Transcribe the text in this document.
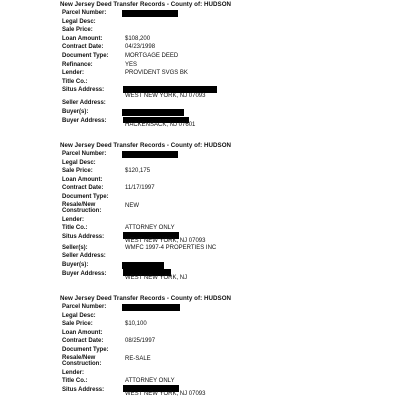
New Jersey Deed Transfer Records - County of: HUDSON
Parcel Number:
Legal Desc:
Sale Price:
Loan Amount:	$108,200
Contract Date:	04/23/1998
Document Type:	MORTGAGE DEED
Refinance:	YES
Lender:	PROVIDENT SVGS BK
Title Co.:
Situs Address:
WEST NEW YORK, NJ 07093
Seller Address:
Buyer(s):
Buyer Address:
HACKENSACK, NJ 07601
New Jersey Deed Transfer Records - County of: HUDSON
Parcel Number:
Legal Desc:
Sale Price:	$120,175
Loan Amount:
Contract Date:	11/17/1997
Document Type:
Resale/New
Construction:
NEW
Lender:
Title Co.:	ATTORNEY ONLY
Situs Address:
WEST NEW YORK, NJ 07093
Seller(s):	WMFC 1997-4 PROPERTIES INC
Seller Address:
Buyer(s):
Buyer Address:
WEST NEW YORK, NJ
New Jersey Deed Transfer Records - County of: HUDSON
Parcel Number:
Legal Desc:
Sale Price:	$10,100
Loan Amount:
Contract Date:	08/25/1997
Document Type:
Resale/New
Construction:
RE-SALE
Lender:
Title Co.:	ATTORNEY ONLY
Situs Address:
WEST NEW YORK, NJ 07093
